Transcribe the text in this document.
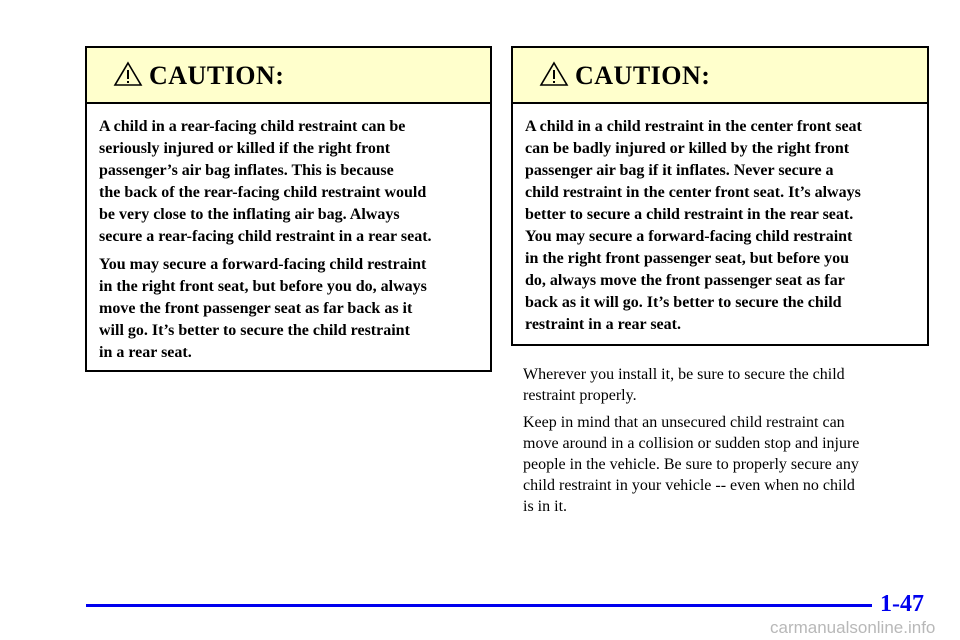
CAUTION:

A child in a rear-facing child restraint can be
seriously injured or killed if the right front
passenger’s air bag inflates. This is because
the back of the rear-facing child restraint would
be very close to the inflating air bag. Always
secure a rear-facing child restraint in a rear seat.

You may secure a forward-facing child restraint
in the right front seat, but before you do, always
move the front passenger seat as far back as it
will go. It’s better to secure the child restraint
in a rear seat.

CAUTION:

A child in a child restraint in the center front seat
can be badly injured or killed by the right front
passenger air bag if it inflates. Never secure a
child restraint in the center front seat. It’s always
better to secure a child restraint in the rear seat.
You may secure a forward-facing child restraint
in the right front passenger seat, but before you
do, always move the front passenger seat as far
back as it will go. It’s better to secure the child
restraint in a rear seat.

Wherever you install it, be sure to secure the child
restraint properly.
Keep in mind that an unsecured child restraint can
move around in a collision or sudden stop and injure
people in the vehicle. Be sure to properly secure any
child restraint in your vehicle -- even when no child
is in it.
1-47
carmanualsonline.info
